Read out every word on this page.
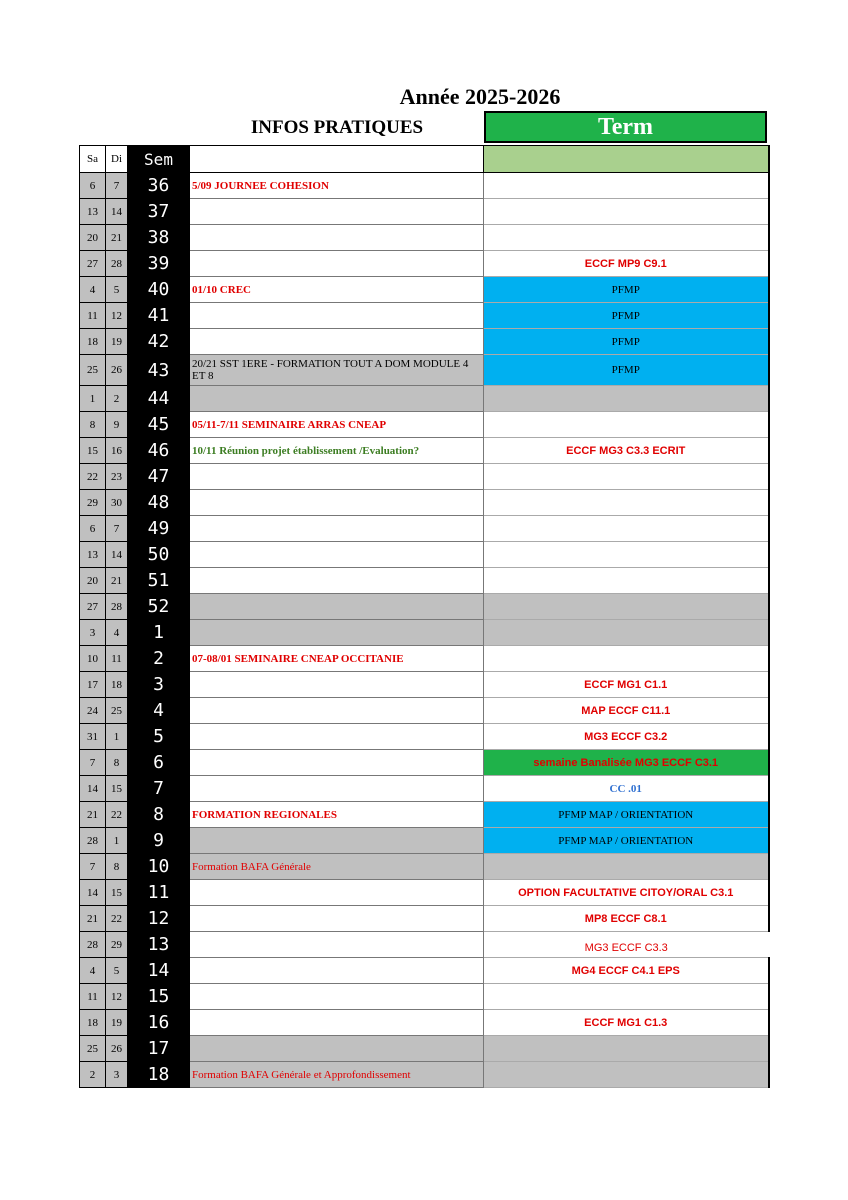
Année 2025-2026
INFOS PRATIQUES	Term
Sa	Di	Sem		
6	7	36	5/09 JOURNEE COHESION	
13	14	37		
20	21	38		
27	28	39		ECCF MP9 C9.1
4	5	40	01/10 CREC	PFMP
11	12	41		PFMP
18	19	42		PFMP
25	26	43	20/21 SST 1ERE - FORMATION TOUT A DOM MODULE 4 ET 8	PFMP
1	2	44		
8	9	45	05/11-7/11 SEMINAIRE ARRAS CNEAP	
15	16	46	10/11 Réunion projet établissement /Evaluation?	ECCF MG3 C3.3 ECRIT
22	23	47		
29	30	48		
6	7	49		
13	14	50		
20	21	51		
27	28	52		
3	4	1		
10	11	2	07-08/01 SEMINAIRE CNEAP OCCITANIE	
17	18	3		ECCF MG1 C1.1
24	25	4		MAP ECCF C11.1
31	1	5		MG3 ECCF C3.2
7	8	6		semaine Banalisée MG3 ECCF C3.1
14	15	7		CC .01
21	22	8	FORMATION REGIONALES	PFMP MAP / ORIENTATION
28	1	9		PFMP MAP / ORIENTATION
7	8	10	Formation BAFA Générale	
14	15	11		OPTION FACULTATIVE CITOY/ORAL C3.1
21	22	12		MP8 ECCF C8.1
28	29	13		MG3 ECCF C3.3
4	5	14		MG4 ECCF C4.1 EPS
11	12	15		
18	19	16		ECCF MG1 C1.3
25	26	17		
2	3	18	Formation BAFA Générale et Approfondissement	
